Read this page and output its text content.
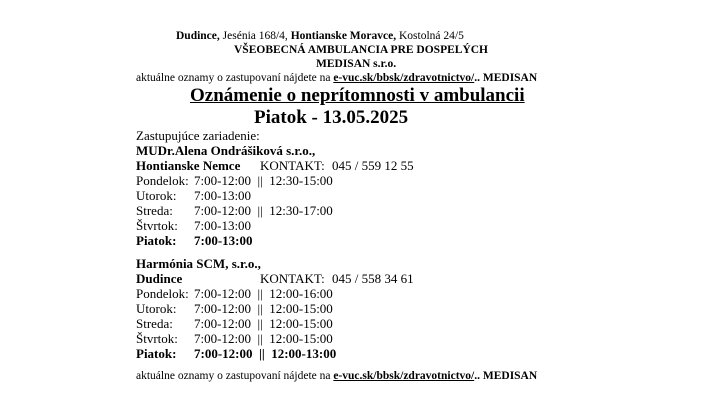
Dudince, Jesénia 168/4, Hontianske Moravce, Kostolná 24/5
VŠEOBECNÁ AMBULANCIA PRE DOSPELÝCH
MEDISAN s.r.o.
aktuálne oznamy o zastupovaní nájdete na e-vuc.sk/bbsk/zdravotnictvo/.. MEDISAN
Oznámenie o neprítomnosti v ambulancii
Piatok - 13.05.2025
Zastupujúce zariadenie:
MUDr.Alena Ondrášiková s.r.o.,
Hontianske Nemce KONTAKT: 045 / 559 12 55
Pondelok: 7:00-12:00  ||  12:30-15:00
Utorok: 7:00-13:00
Streda: 7:00-12:00  ||  12:30-17:00
Štvrtok: 7:00-13:00
Piatok: 7:00-13:00
Harmónia SCM, s.r.o.,
Dudince	KONTAKT: 045 / 558 34 61
Pondelok: 7:00-12:00  ||  12:00-16:00
Utorok: 7:00-12:00  ||  12:00-15:00
Streda: 7:00-12:00  ||  12:00-15:00
Štvrtok: 7:00-12:00  ||  12:00-15:00
Piatok: 7:00-12:00  ||  12:00-13:00
aktuálne oznamy o zastupovaní nájdete na e-vuc.sk/bbsk/zdravotnictvo/.. MEDISAN
